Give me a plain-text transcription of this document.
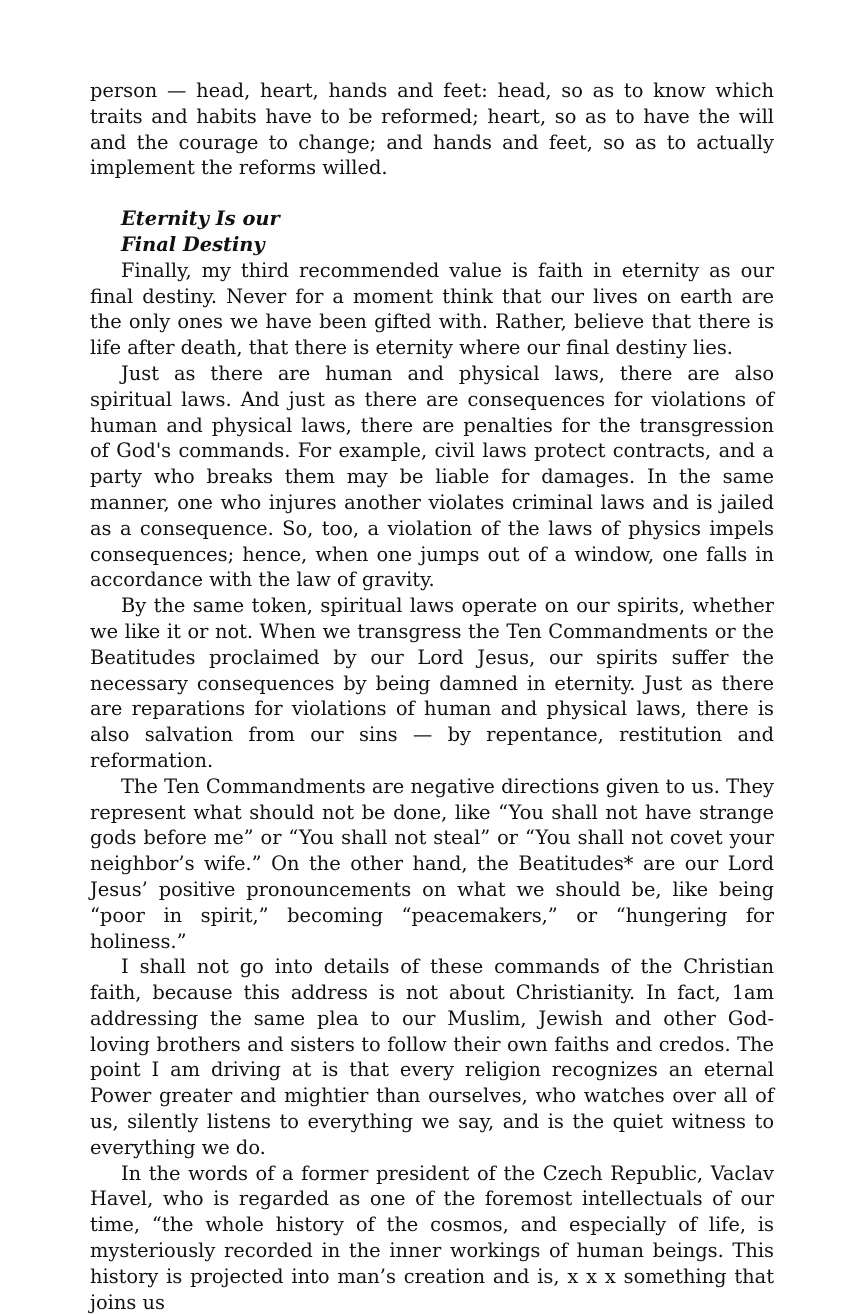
person — head, heart, hands and feet: head, so as to know which traits and habits have to be reformed; heart, so as to have the will and the courage to change; and hands and feet, so as to actually implement the reforms willed.

Eternity Is our
Final Destiny

Finally, my third recommended value is faith in eternity as our final destiny. Never for a moment think that our lives on earth are the only ones we have been gifted with. Rather, believe that there is life after death, that there is eternity where our final destiny lies.

Just as there are human and physical laws, there are also spiritual laws. And just as there are consequences for violations of human and physical laws, there are penalties for the transgression of God's commands. For example, civil laws protect contracts, and a party who breaks them may be liable for damages. In the same manner, one who injures another violates criminal laws and is jailed as a consequence. So, too, a violation of the laws of physics impels consequences; hence, when one jumps out of a window, one falls in accordance with the law of gravity.

By the same token, spiritual laws operate on our spirits, whether we like it or not. When we transgress the Ten Commandments or the Beatitudes proclaimed by our Lord Jesus, our spirits suffer the necessary consequences by being damned in eternity. Just as there are reparations for violations of human and physical laws, there is also salvation from our sins — by repentance, restitution and reformation.

The Ten Commandments are negative directions given to us. They represent what should not be done, like “You shall not have strange gods before me” or “You shall not steal” or “You shall not covet your neighbor’s wife.” On the other hand, the Beatitudes* are our Lord Jesus’ positive pronouncements on what we should be, like being “poor in spirit,” becoming “peacemakers,” or “hungering for holiness.”

I shall not go into details of these commands of the Christian faith, because this address is not about Christianity. In fact, 1am addressing the same plea to our Muslim, Jewish and other God-loving brothers and sisters to follow their own faiths and credos. The point I am driving at is that every religion recognizes an eternal Power greater and mightier than ourselves, who watches over all of us, silently listens to everything we say, and is the quiet witness to everything we do.

In the words of a former president of the Czech Republic, Vaclav Havel, who is regarded as one of the foremost intellectuals of our time, “the whole history of the cosmos, and especially of life, is mysteriously recorded in the inner workings of human beings. This history is projected into man’s creation and is, x x x something that joins us
